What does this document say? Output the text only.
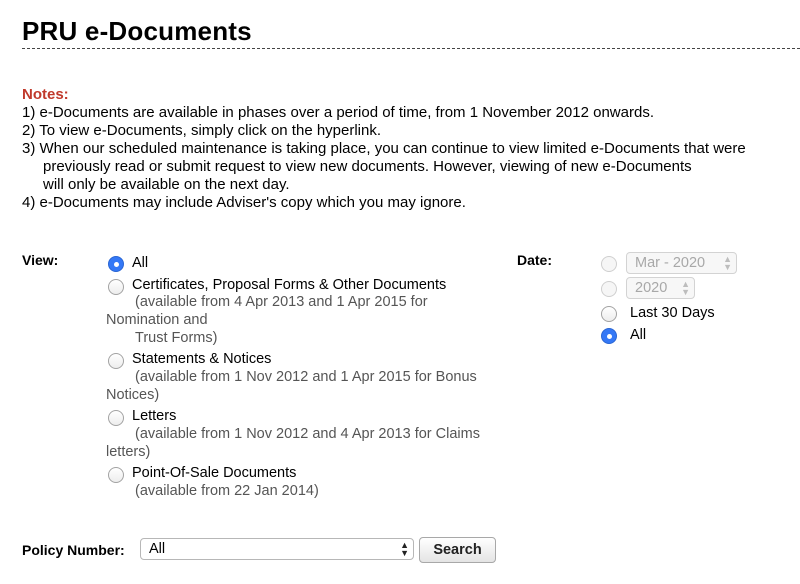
PRU e-Documents
Notes:
1) e-Documents are available in phases over a period of time, from 1 November 2012 onwards.
2) To view e-Documents, simply click on the hyperlink.
3) When our scheduled maintenance is taking place, you can continue to view limited e-Documents that were
previously read or submit request to view new documents. However, viewing of new e-Documents
will only be available on the next day.
4) e-Documents may include Adviser's copy which you may ignore.
View:	All
Certificates, Proposal Forms & Other Documents
(available from 4 Apr 2013 and 1 Apr 2015 for
Nomination and
Trust Forms)
Statements & Notices
(available from 1 Nov 2012 and 1 Apr 2015 for Bonus
Notices)
Letters
(available from 1 Nov 2012 and 4 Apr 2013 for Claims
letters)
Point-Of-Sale Documents
(available from 22 Jan 2014)
Date:	Mar - 2020 ▲
▼
2020 ▲
▼
Last 30 Days
All
Policy Number:	All	▲
▼	Search
